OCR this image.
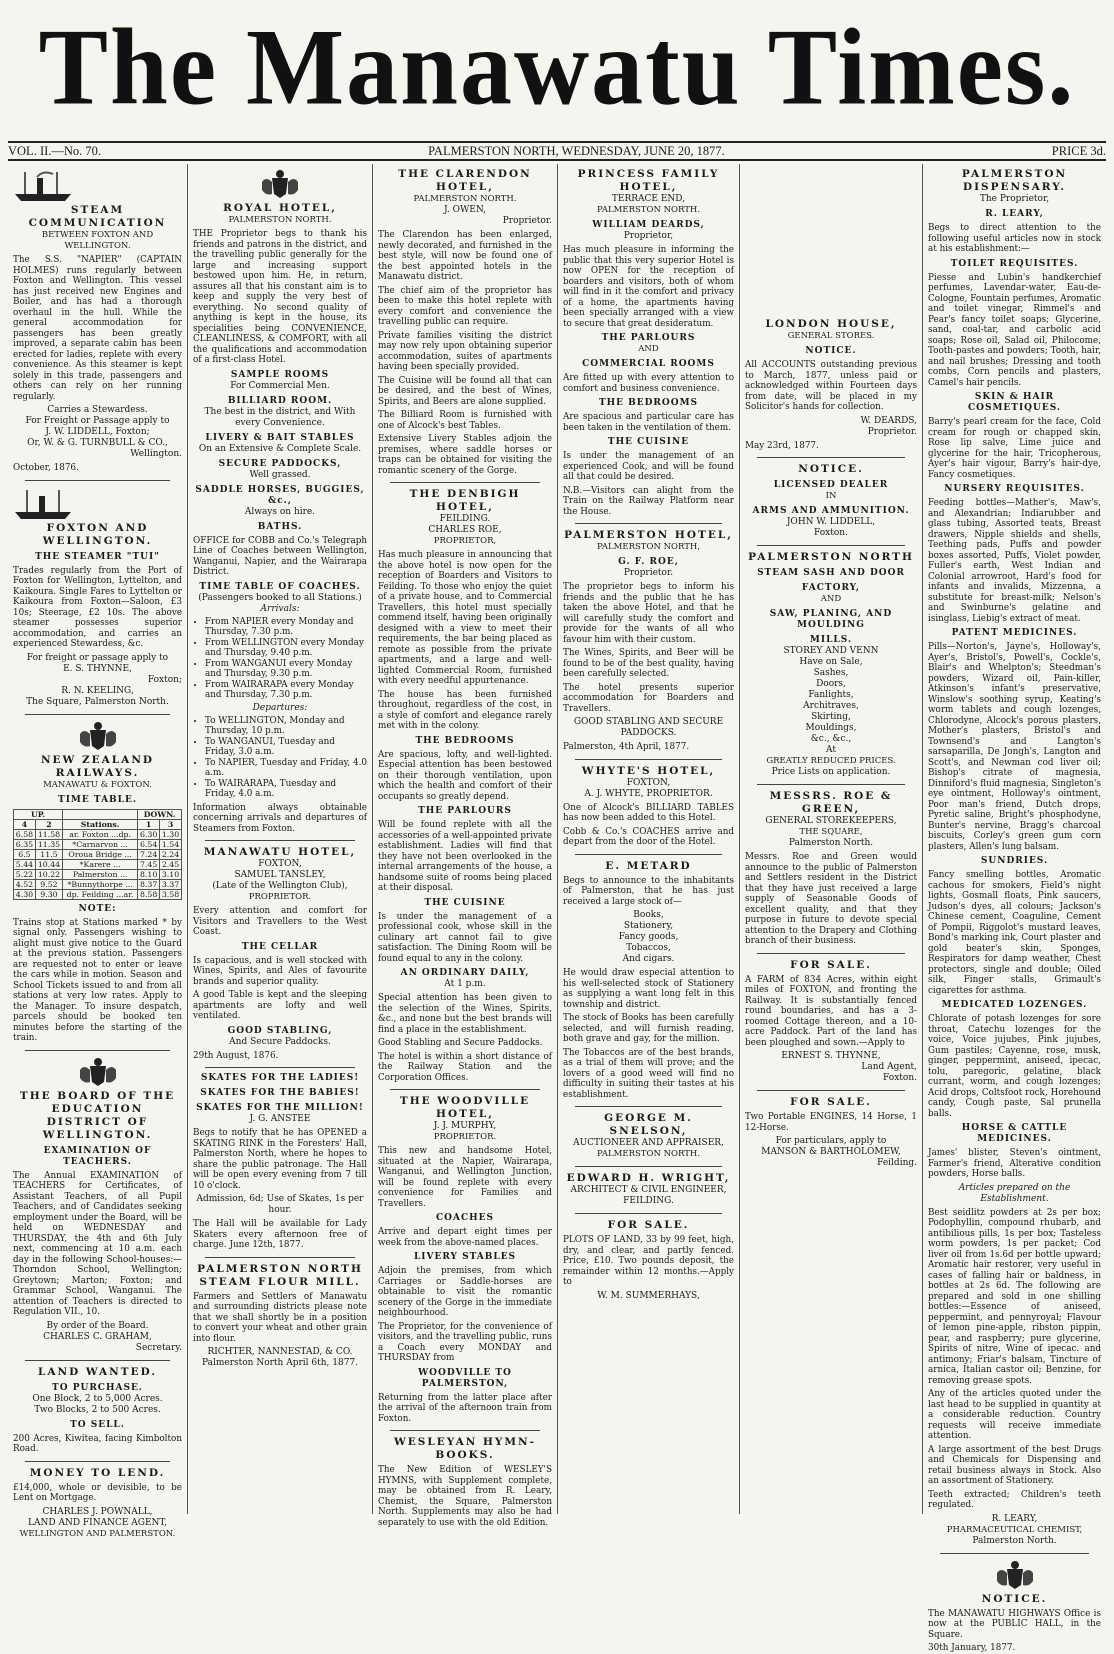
The Manawatu Times.
VOL. II.—No. 70.	PALMERSTON NORTH, WEDNESDAY, JUNE 20, 1877.	PRICE 3d.
STEAM COMMUNICATION
BETWEEN FOXTON AND WELLINGTON.
The S.S. "NAPIER" (CAPTAIN HOLMES) runs regularly between Foxton and Wellington. This vessel has just received new Engines and Boiler, and has had a thorough overhaul in the hull. While the general accommodation for passengers has been greatly improved, a separate cabin has been erected for ladies, replete with every convenience. As this steamer is kept solely in this trade, passengers and others can rely on her running regularly.
Carries a Stewardess.
For Freight or Passage apply to
J. W. LIDDELL, Foxton;
Or, W. & G. TURNBULL & CO.,
Wellington.
October, 1876.
FOXTON AND WELLINGTON.
THE STEAMER "TUI"
Trades regularly from the Port of Foxton for Wellington, Lyttelton, and Kaikoura. Single Fares to Lyttelton or Kaikoura from Foxton—Saloon, £3 10s; Steerage, £2 10s. The above steamer possesses superior accommodation, and carries an experienced Stewardess, &c.
For freight or passage apply to
E. S. THYNNE,
Foxton;
R. N. KEELING,
The Square, Palmerston North.
NEW ZEALAND RAILWAYS.
MANAWATU & FOXTON.
TIME TABLE.
UP.			DOWN.	
4	2	Stations.	1	3
6.58	11.58	ar. Foxton ...dp.	6.30	1.30
6.35	11.35	*Carnarvon ...	6.54	1.54
6.5	11.5	Oroua Bridge ...	7.24	2.24
5.44	10.44	*Karere ...	7.45	2.45
5.22	10.22	Palmerston ...	8.10	3.10
4.52	9.52	*Bunnythorpe ...	8.37	3.37
4.30	9.30	dp. Feilding ...ar.	8.58	3.58
NOTE:
Trains stop at Stations marked * by signal only. Passengers wishing to alight must give notice to the Guard at the previous station. Passengers are requested not to enter or leave the cars while in motion. Season and School Tickets issued to and from all stations at very low rates. Apply to the Manager. To insure despatch, parcels should be booked ten minutes before the starting of the train.
THE BOARD OF THE EDUCATION DISTRICT OF WELLINGTON.
EXAMINATION OF TEACHERS.
The Annual EXAMINATION of TEACHERS for Certificates, of Assistant Teachers, of all Pupil Teachers, and of Candidates seeking employment under the Board, will be held on WEDNESDAY and THURSDAY, the 4th and 6th July next, commencing at 10 a.m. each day in the following School-houses:—Thorndon School, Wellington; Greytown; Marton; Foxton; and Grammar School, Wanganui. The attention of Teachers is directed to Regulation VII., 10.
By order of the Board.
CHARLES C. GRAHAM,
Secretary.
LAND WANTED.
TO PURCHASE.
One Block, 2 to 5,000 Acres.
Two Blocks, 2 to 500 Acres.
TO SELL.
200 Acres, Kiwitea, facing Kimbolton Road.
MONEY TO LEND.
£14,000, whole or devisible, to be Lent on Mortgage.
CHARLES J. POWNALL,
LAND AND FINANCE AGENT,
WELLINGTON AND PALMERSTON.
ROYAL HOTEL,
PALMERSTON NORTH.
THE Proprietor begs to thank his friends and patrons in the district, and the travelling public generally for the large and increasing support bestowed upon him. He, in return, assures all that his constant aim is to keep and supply the very best of everything. No second quality of anything is kept in the house, its specialities being CONVENIENCE, CLEANLINESS, & COMFORT, with all the qualifications and accommodation of a first-class Hotel.
SAMPLE ROOMS
For Commercial Men.
BILLIARD ROOM.
The best in the district, and With every Convenience.
LIVERY & BAIT STABLES
On an Extensive & Complete Scale.
SECURE PADDOCKS,
Well grassed.
SADDLE HORSES, BUGGIES, &c.,
Always on hire.
BATHS.
OFFICE for COBB and Co.'s Telegraph Line of Coaches between Wellington, Wanganui, Napier, and the Wairarapa District.
TIME TABLE OF COACHES.
(Passengers booked to all Stations.)
Arrivals:
• From NAPIER every Monday and Thursday, 7.30 p.m.
• From WELLINGTON every Monday and Thursday, 9.40 p.m.
• From WANGANUI every Monday and Thursday, 9.30 p.m.
• From WAIRARAPA every Monday and Thursday, 7.30 p.m.
Departures:
• To WELLINGTON, Monday and Thursday, 10 p.m.
• To WANGANUI, Tuesday and Friday, 3.0 a.m.
• To NAPIER, Tuesday and Friday, 4.0 a.m.
• To WAIRARAPA, Tuesday and Friday, 4.0 a.m.
Information always obtainable concerning arrivals and departures of Steamers from Foxton.
MANAWATU HOTEL,
FOXTON,
SAMUEL TANSLEY,
(Late of the Wellington Club),
PROPRIETOR.
Every attention and comfort for Visitors and Travellers to the West Coast.
THE CELLAR
Is capacious, and is well stocked with Wines, Spirits, and Ales of favourite brands and superior quality.
A good Table is kept and the sleeping apartments are lofty and well ventilated.
GOOD STABLING,
And Secure Paddocks.
29th August, 1876.
SKATES FOR THE LADIES!
SKATES FOR THE BABIES!
SKATES FOR THE MILLION!
J. G. ANSTEE
Begs to notify that he has OPENED a SKATING RINK in the Foresters' Hall, Palmerston North, where he hopes to share the public patronage. The Hall will be open every evening from 7 till 10 o'clock.
Admission, 6d; Use of Skates, 1s per hour.
The Hall will be available for Lady Skaters every afternoon free of charge. June 12th, 1877.
PALMERSTON NORTH STEAM FLOUR MILL.
Farmers and Settlers of Manawatu and surrounding districts please note that we shall shortly be in a position to convert your wheat and other grain into flour.
RICHTER, NANNESTAD, & CO.
Palmerston North April 6th, 1877.
THE CLARENDON HOTEL,
PALMERSTON NORTH.
J. OWEN,
Proprietor.
The Clarendon has been enlarged, newly decorated, and furnished in the best style, will now be found one of the best appointed hotels in the Manawatu district.
The chief aim of the proprietor has been to make this hotel replete with every comfort and convenience the travelling public can require.
Private families visiting the district may now rely upon obtaining superior accommodation, suites of apartments having been specially provided.
The Cuisine will be found all that can be desired, and the best of Wines, Spirits, and Beers are alone supplied.
The Billiard Room is furnished with one of Alcock's best Tables.
Extensive Livery Stables adjoin the premises, where saddle horses or traps can be obtained for visiting the romantic scenery of the Gorge.
THE DENBIGH HOTEL,
FEILDING.
CHARLES ROE,
PROPRIETOR,
Has much pleasure in announcing that the above hotel is now open for the reception of Boarders and Visitors to Feilding. To those who enjoy the quiet of a private house, and to Commercial Travellers, this hotel must specially commend itself, having been originally designed with a view to meet their requirements, the bar being placed as remote as possible from the private apartments, and a large and well-lighted Commercial Room, furnished with every needful appurtenance.
The house has been furnished throughout, regardless of the cost, in a style of comfort and elegance rarely met with in the colony.
THE BEDROOMS
Are spacious, lofty, and well-lighted. Especial attention has been bestowed on their thorough ventilation, upon which the health and comfort of their occupants so greatly depend.
THE PARLOURS
Will be found replete with all the accessories of a well-appointed private establishment. Ladies will find that they have not been overlooked in the internal arrangements of the house, a handsome suite of rooms being placed at their disposal.
THE CUISINE
Is under the management of a professional cook, whose skill in the culinary art cannot fail to give satisfaction. The Dining Room will be found equal to any in the colony.
AN ORDINARY DAILY,
At 1 p.m.
Special attention has been given to the selection of the Wines, Spirits, &c., and none but the best brands will find a place in the establishment.
Good Stabling and Secure Paddocks.
The hotel is within a short distance of the Railway Station and the Corporation Offices.
THE WOODVILLE HOTEL,
J. J. MURPHY,
PROPRIETOR.
This new and handsome Hotel, situated at the Napier, Wairarapa, Wanganui, and Wellington Junction, will be found replete with every convenience for Families and Travellers.
COACHES
Arrive and depart eight times per week from the above-named places.
LIVERY STABLES
Adjoin the premises, from which Carriages or Saddle-horses are obtainable to visit the romantic scenery of the Gorge in the immediate neighbourhood.
The Proprietor, for the convenience of visitors, and the travelling public, runs a Coach every MONDAY and THURSDAY from
WOODVILLE TO PALMERSTON,
Returning from the latter place after the arrival of the afternoon train from Foxton.
WESLEYAN HYMN-BOOKS.
The New Edition of WESLEY'S HYMNS, with Supplement complete, may be obtained from R. Leary, Chemist, the Square, Palmerston North. Supplements may also be had separately to use with the old Edition.
PRINCESS FAMILY HOTEL,
TERRACE END,
PALMERSTON NORTH.
WILLIAM DEARDS,
Proprietor,
Has much pleasure in informing the public that this very superior Hotel is now OPEN for the reception of boarders and visitors, both of whom will find in it the comfort and privacy of a home, the apartments having been specially arranged with a view to secure that great desideratum.
THE PARLOURS
AND
COMMERCIAL ROOMS
Are fitted up with every attention to comfort and business convenience.
THE BEDROOMS
Are spacious and particular care has been taken in the ventilation of them.
THE CUISINE
Is under the management of an experienced Cook, and will be found all that could be desired.
N.B.—Visitors can alight from the Train on the Railway Platform near the House.
PALMERSTON HOTEL,
PALMERSTON NORTH,
G. F. ROE,
Proprietor.
The proprietor begs to inform his friends and the public that he has taken the above Hotel, and that he will carefully study the comfort and provide for the wants of all who favour him with their custom.
The Wines, Spirits, and Beer will be found to be of the best quality, having been carefully selected.
The hotel presents superior accommodation for Boarders and Travellers.
GOOD STABLING AND SECURE PADDOCKS.
Palmerston, 4th April, 1877.
WHYTE'S HOTEL,
FOXTON,
A. J. WHYTE, PROPRIETOR.
One of Alcock's BILLIARD TABLES has now been added to this Hotel.
Cobb & Co.'s COACHES arrive and depart from the door of the Hotel.
E. METARD
Begs to announce to the inhabitants of Palmerston, that he has just received a large stock of—
Books,
Stationery,
Fancy goods,
Tobaccos,
And cigars.
He would draw especial attention to his well-selected stock of Stationery as supplying a want long felt in this township and district.
The stock of Books has been carefully selected, and will furnish reading, both grave and gay, for the million.
The Tobaccos are of the best brands, as a trial of them will prove; and the lovers of a good weed will find no difficulty in suiting their tastes at his establishment.
GEORGE M. SNELSON,
AUCTIONEER AND APPRAISER,
PALMERSTON NORTH.
EDWARD H. WRIGHT,
ARCHITECT & CIVIL ENGINEER,
FEILDING.
FOR SALE.
PLOTS OF LAND, 33 by 99 feet, high, dry, and clear, and partly fenced. Price, £10. Two pounds deposit, the remainder within 12 months.—Apply to
W. M. SUMMERHAYS,
LONDON HOUSE,
GENERAL STORES.
NOTICE.
All ACCOUNTS outstanding previous to March, 1877, unless paid or acknowledged within Fourteen days from date, will be placed in my Solicitor's hands for collection.
W. DEARDS,
Proprietor.
May 23rd, 1877.
NOTICE.
LICENSED DEALER
IN
ARMS AND AMMUNITION.
JOHN W. LIDDELL,
Foxton.
PALMERSTON NORTH
STEAM SASH AND DOOR
FACTORY,
AND
SAW, PLANING, AND MOULDING
MILLS.
STOREY AND VENN
Have on Sale,
Sashes,
Doors,
Fanlights,
Architraves,
Skirting,
Mouldings,
&c., &c.,
At
GREATLY REDUCED PRICES.
Price Lists on application.
MESSRS. ROE & GREEN,
GENERAL STOREKEEPERS,
THE SQUARE,
Palmerston North.
Messrs. Roe and Green would announce to the public of Palmerston and Settlers resident in the District that they have just received a large supply of Seasonable Goods of excellent quality, and that they purpose in future to devote special attention to the Drapery and Clothing branch of their business.
FOR SALE.
A FARM of 834 Acres, within eight miles of FOXTON, and fronting the Railway. It is substantially fenced round boundaries, and has a 3-roomed Cottage thereon, and a 10-acre Paddock. Part of the land has been ploughed and sown.—Apply to
ERNEST S. THYNNE,
Land Agent,
Foxton.
FOR SALE.
Two Portable ENGINES, 14 Horse, 1 12-Horse.
For particulars, apply to
MANSON & BARTHOLOMEW,
Feilding.
PALMERSTON DISPENSARY.
The Proprietor,
R. LEARY,
Begs to direct attention to the following useful articles now in stock at his establishment:—
TOILET REQUISITES.
Piesse and Lubin's handkerchief perfumes, Lavendar-water, Eau-de-Cologne, Fountain perfumes, Aromatic and toilet vinegar, Rimmel's and Pear's fancy toilet soaps; Glycerine, sand, coal-tar, and carbolic acid soaps; Rose oil, Salad oil, Philocome, Tooth-pastes and powders; Tooth, hair, and nail brushes; Dressing and tooth combs, Corn pencils and plasters, Camel's hair pencils.
SKIN & HAIR COSMETIQUES.
Barry's pearl cream for the face, Cold cream for rough or chapped skin, Rose lip salve, Lime juice and glycerine for the hair, Tricopherous, Ayer's hair vigour, Barry's hair-dye, Fancy cosmetiques.
NURSERY REQUISITES.
Feeding bottles—Mather's, Maw's, and Alexandrian; Indiarubber and glass tubing, Assorted teats, Breast drawers, Nipple shields and shells, Teething pads, Puffs and powder boxes assorted, Puffs, Violet powder, Fuller's earth, West Indian and Colonial arrowroot, Hard's food for infants and invalids, Mizzenna, a substitute for breast-milk; Nelson's and Swinburne's gelatine and isinglass, Liebig's extract of meat.
PATENT MEDICINES.
Pills—Norton's, Jayne's, Holloway's, Ayer's, Bristol's, Powell's, Cockle's, Blair's and Whelpton's; Steedman's powders, Wizard oil, Pain-killer, Atkinson's infant's preservative, Winslow's soothing syrup, Keating's worm tablets and cough lozenges, Chlorodyne, Alcock's porous plasters, Mother's plasters, Bristol's and Townsend's and Langton's sarsaparilla, De Jongh's, Langton and Scott's, and Newman cod liver oil; Bishop's citrate of magnesia, Dinniford's fluid magnesia, Singleton's eye ointment, Holloway's ointment, Poor man's friend, Dutch drops, Pyretic saline, Bright's phosphodyne, Bunter's nervine, Bragg's charcoal biscuits, Corley's green gum corn plasters, Allen's lung balsam.
SUNDRIES.
Fancy smelling bottles, Aromatic cachous for smokers, Field's night lights, Gosmall floats, Pink saucers, Judson's dyes, all colours; Jackson's Chinese cement, Coaguline, Cement of Pompii, Riggolot's mustard leaves, Bond's marking ink, Court plaster and gold beater's skin, Sponges, Respirators for damp weather, Chest protectors, single and double; Oiled silk, Finger stalls, Grimault's cigarettes for asthma.
MEDICATED LOZENGES.
Chlorate of potash lozenges for sore throat, Catechu lozenges for the voice, Voice jujubes, Pink jujubes, Gum pastiles; Cayenne, rose, musk, ginger, peppermint, aniseed, ipecac, tolu, paregoric, gelatine, black currant, worm, and cough lozenges; Acid drops, Coltsfoot rock, Horehound candy, Cough paste, Sal prunella balls.
HORSE & CATTLE MEDICINES.
James' blister, Steven's ointment, Farmer's friend, Alterative condition powders, Horse balls.
Articles prepared on the Establishment.
Best seidlitz powders at 2s per box; Podophyllin, compound rhubarb, and antibilious pills, 1s per box; Tasteless worm powders, 1s per packet; Cod liver oil from 1s.6d per bottle upward; Aromatic hair restorer, very useful in cases of falling hair or baldness, in bottles at 2s 6d. The following are prepared and sold in one shilling bottles:—Essence of aniseed, peppermint, and pennyroyal; Flavour of lemon pine-apple, ribston pippin, pear, and raspberry; pure glycerine, Spirits of nitre, Wine of ipecac. and antimony; Friar's balsam, Tincture of arnica, Italian castor oil; Benzine, for removing grease spots.
Any of the articles quoted under the last head to be supplied in quantity at a considerable reduction. Country requests will receive immediate attention.
A large assortment of the best Drugs and Chemicals for Dispensing and retail business always in Stock. Also an assortment of Stationery.
Teeth extracted; Children's teeth regulated.
R. LEARY,
PHARMACEUTICAL CHEMIST,
Palmerston North.
NOTICE.
The MANAWATU HIGHWAYS Office is now at the PUBLIC HALL, in the Square.
30th January, 1877.
